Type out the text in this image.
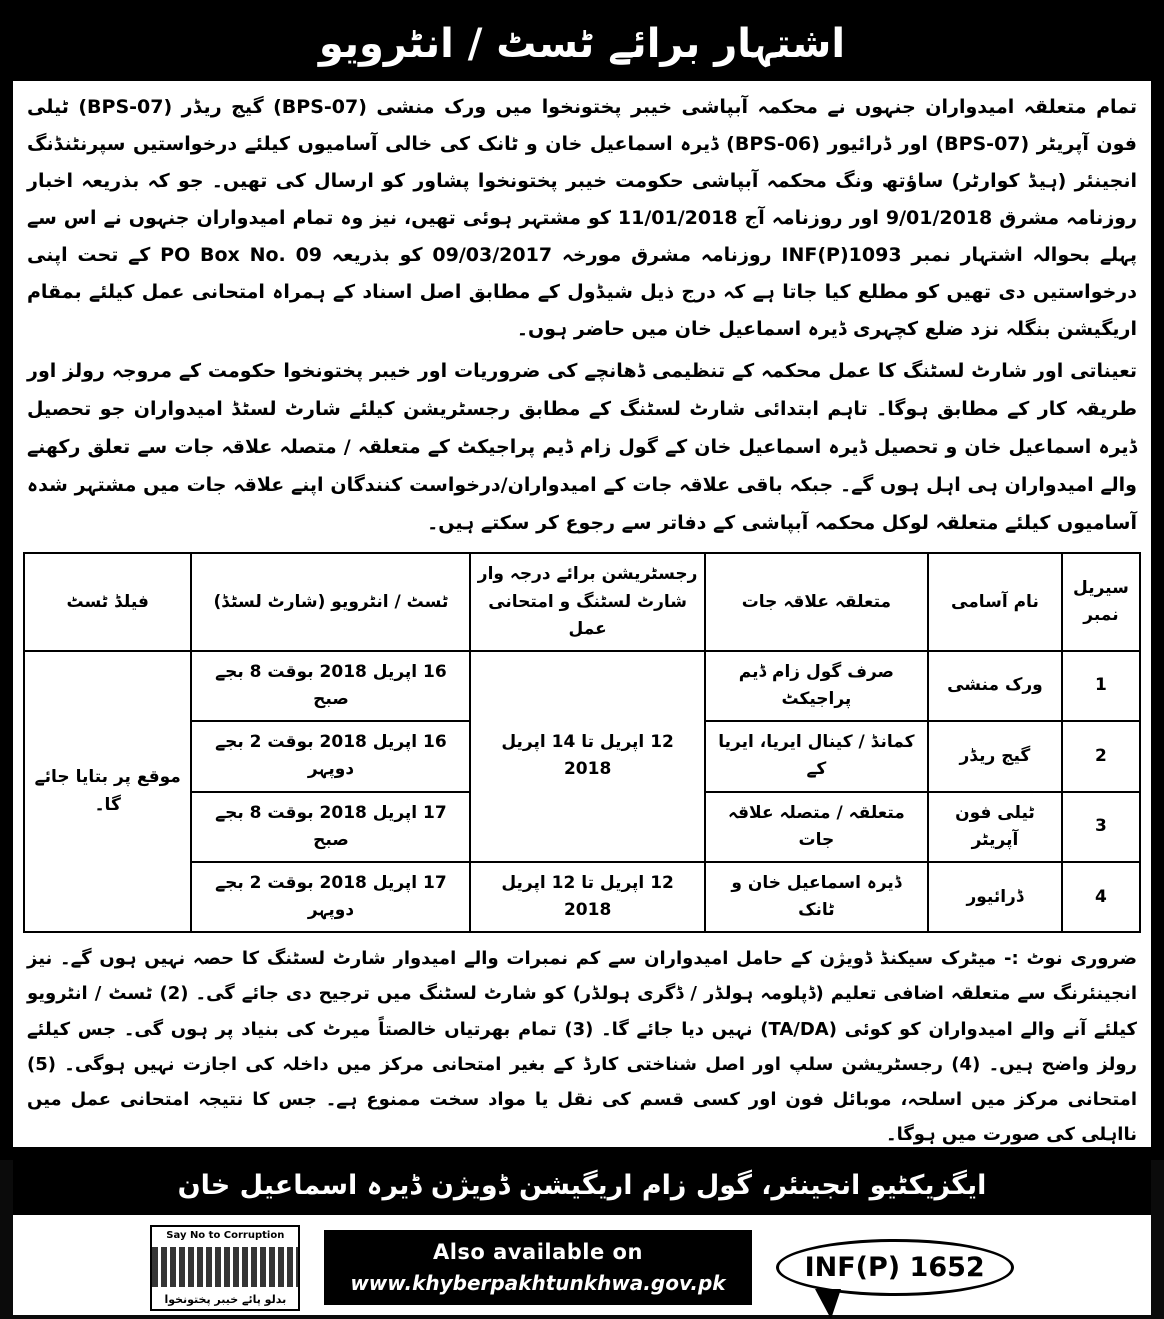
اشتہار برائے ٹسٹ / انٹرویو

تمام متعلقہ امیدواران جنہوں نے محکمہ آبپاشی خیبر پختونخوا میں ورک منشی (BPS-07) گیج ریڈر (BPS-07) ٹیلی فون آپریٹر (BPS-07) اور ڈرائیور (BPS-06) ڈیرہ اسماعیل خان و ٹانک کی خالی آسامیوں کیلئے درخواستیں سپرنٹنڈنگ انجینئر (ہیڈ کوارٹر) ساؤتھ ونگ محکمہ آبپاشی حکومت خیبر پختونخوا پشاور کو ارسال کی تھیں۔ جو کہ بذریعہ اخبار روزنامہ مشرق 9/01/2018 اور روزنامہ آج 11/01/2018 کو مشتہر ہوئی تھیں، نیز وہ تمام امیدواران جنہوں نے اس سے پہلے بحوالہ اشتہار نمبر INF(P)1093 روزنامہ مشرق مورخہ 09/03/2017 کو بذریعہ PO Box No. 09 کے تحت اپنی درخواستیں دی تھیں کو مطلع کیا جاتا ہے کہ درج ذیل شیڈول کے مطابق اصل اسناد کے ہمراہ امتحانی عمل کیلئے بمقام اریگیشن بنگلہ نزد ضلع کچہری ڈیرہ اسماعیل خان میں حاضر ہوں۔

تعیناتی اور شارٹ لسٹنگ کا عمل محکمہ کے تنظیمی ڈھانچے کی ضروریات اور خیبر پختونخوا حکومت کے مروجہ رولز اور طریقہ کار کے مطابق ہوگا۔ تاہم ابتدائی شارٹ لسٹنگ کے مطابق رجسٹریشن کیلئے شارٹ لسٹڈ امیدواران جو تحصیل ڈیرہ اسماعیل خان و تحصیل ڈیرہ اسماعیل خان کے گول زام ڈیم پراجیکٹ کے متعلقہ / متصلہ علاقہ جات سے تعلق رکھنے والے امیدواران ہی اہل ہوں گے۔ جبکہ باقی علاقہ جات کے امیدواران/درخواست کنندگان اپنے علاقہ جات میں مشتہر شدہ آسامیوں کیلئے متعلقہ لوکل محکمہ آبپاشی کے دفاتر سے رجوع کر سکتے ہیں۔

سیریل نمبر	نام آسامی	متعلقہ علاقہ جات	رجسٹریشن برائے درجہ وار شارٹ لسٹنگ و امتحانی عمل	ٹسٹ / انٹرویو (شارٹ لسٹڈ)	فیلڈ ٹسٹ
1	ورک منشی	صرف گول زام ڈیم پراجیکٹ	12 اپریل تا 14 اپریل 2018	16 اپریل 2018 بوقت 8 بجے صبح	موقع پر بتایا جائے گا۔
2	گیج ریڈر	کمانڈ / کینال ایریا، ایریا کے		16 اپریل 2018 بوقت 2 بجے دوپہر	
3	ٹیلی فون آپریٹر	متعلقہ / متصلہ علاقہ جات		17 اپریل 2018 بوقت 8 بجے صبح	
4	ڈرائیور	ڈیرہ اسماعیل خان و ٹانک	12 اپریل تا 12 اپریل 2018	17 اپریل 2018 بوقت 2 بجے دوپہر	
ضروری نوٹ :- میٹرک سیکنڈ ڈویژن کے حامل امیدواران سے کم نمبرات والے امیدوار شارٹ لسٹنگ کا حصہ نہیں ہوں گے۔ نیز انجینئرنگ سے متعلقہ اضافی تعلیم (ڈپلومہ ہولڈر / ڈگری ہولڈر) کو شارٹ لسٹنگ میں ترجیح دی جائے گی۔ (2) ٹسٹ / انٹرویو کیلئے آنے والے امیدواران کو کوئی (TA/DA) نہیں دیا جائے گا۔ (3) تمام بھرتیاں خالصتاً میرٹ کی بنیاد پر ہوں گی۔ جس کیلئے رولز واضح ہیں۔ (4) رجسٹریشن سلپ اور اصل شناختی کارڈ کے بغیر امتحانی مرکز میں داخلہ کی اجازت نہیں ہوگی۔ (5) امتحانی مرکز میں اسلحہ، موبائل فون اور کسی قسم کی نقل یا مواد سخت ممنوع ہے۔ جس کا نتیجہ امتحانی عمل میں نااہلی کی صورت میں ہوگا۔
ایگزیکٹیو انجینئر، گول زام اریگیشن ڈویژن ڈیرہ اسماعیل خان
INF(P) 1652
Also available on
www.khyberpakhtunkhwa.gov.pk
Say No to Corruption
بدلو پائے خیبر پختونخوا
